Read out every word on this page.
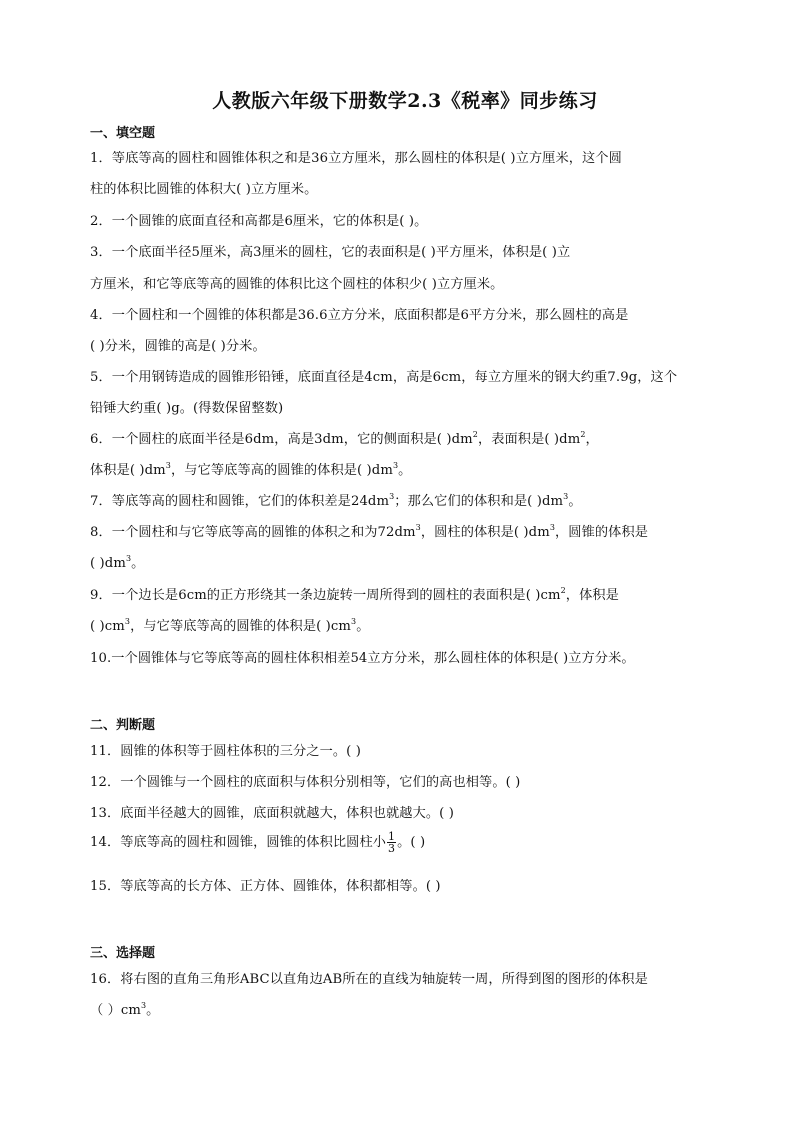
人教版六年级下册数学2.3《税率》同步练习
一、填空题
1．等底等高的圆柱和圆锥体积之和是36立方厘米，那么圆柱的体积是( )立方厘米，这个圆
柱的体积比圆锥的体积大( )立方厘米。
2．一个圆锥的底面直径和高都是6厘米，它的体积是( )。
3．一个底面半径5厘米，高3厘米的圆柱，它的表面积是( )平方厘米，体积是( )立
方厘米，和它等底等高的圆锥的体积比这个圆柱的体积少( )立方厘米。
4．一个圆柱和一个圆锥的体积都是36.6立方分米，底面积都是6平方分米，那么圆柱的高是
( )分米，圆锥的高是( )分米。
5．一个用钢铸造成的圆锥形铅锤，底面直径是4cm，高是6cm，每立方厘米的钢大约重7.9g，这个
铅锤大约重( )g。(得数保留整数)
6．一个圆柱的底面半径是6dm，高是3dm，它的侧面积是( )$dm^2$，表面积是( )$dm^2$，
体积是( )$dm^3$，与它等底等高的圆锥的体积是( )$dm^3$。
7．等底等高的圆柱和圆锥，它们的体积差是$24dm^3$；那么它们的体积和是( )$dm^3$。
8．一个圆柱和与它等底等高的圆锥的体积之和为$72dm^3$，圆柱的体积是( )$dm^3$，圆锥的体积是
( )$dm^3$。
9．一个边长是6cm的正方形绕其一条边旋转一周所得到的圆柱的表面积是( )$cm^2$，体积是
( )$cm^3$，与它等底等高的圆锥的体积是( )$cm^3$。
10.一个圆锥体与它等底等高的圆柱体积相差54立方分米，那么圆柱体的体积是( )立方分米。
二、判断题
11．圆锥的体积等于圆柱体积的三分之一。( )
12．一个圆锥与一个圆柱的底面积与体积分别相等，它们的高也相等。( )
13．底面半径越大的圆锥，底面积就越大，体积也就越大。( )
14．等底等高的圆柱和圆锥，圆锥的体积比圆柱小 $\frac{1}{3}$ 。( )
15．等底等高的长方体、正方体、圆锥体，体积都相等。( )
三、选择题
16．将右图的直角三角形ABC以直角边AB所在的直线为轴旋转一周，所得到图的图形的体积是
（ ）$cm^3$。
